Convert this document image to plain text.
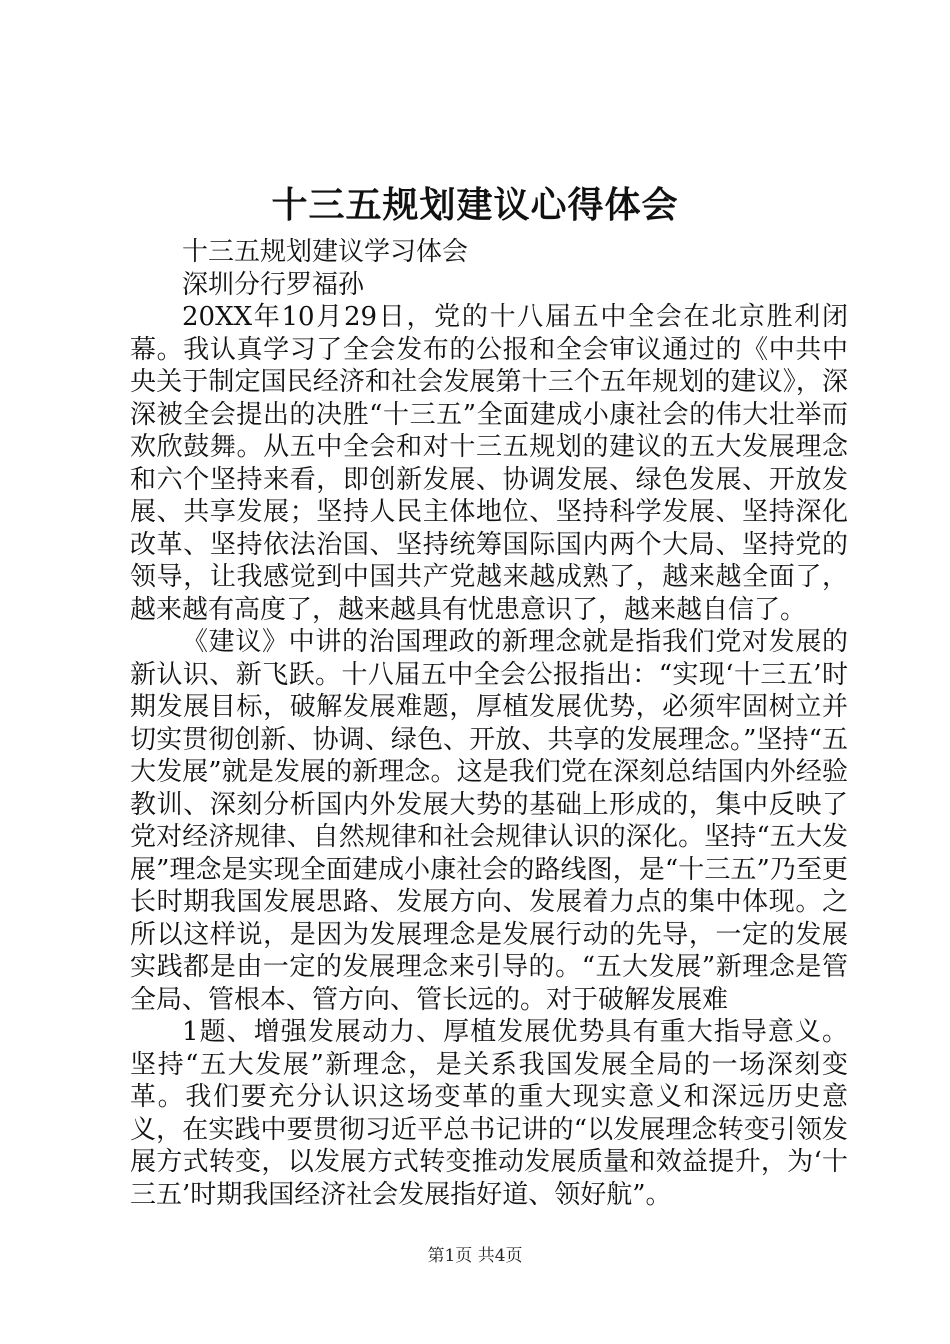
十三五规划建议心得体会

十三五规划建议学习体会

深圳分行罗福孙

20XX年10月29日，党的十八届五中全会在北京胜利闭幕。我认真学习了全会发布的公报和全会审议通过的《中共中央关于制定国民经济和社会发展第十三个五年规划的建议》，深深被全会提出的决胜“十三五”全面建成小康社会的伟大壮举而欢欣鼓舞。从五中全会和对十三五规划的建议的五大发展理念和六个坚持来看，即创新发展、协调发展、绿色发展、开放发展、共享发展；坚持人民主体地位、坚持科学发展、坚持深化改革、坚持依法治国、坚持统筹国际国内两个大局、坚持党的领导，让我感觉到中国共产党越来越成熟了，越来越全面了，越来越有高度了，越来越具有忧患意识了，越来越自信了。

《建议》中讲的治国理政的新理念就是指我们党对发展的新认识、新飞跃。十八届五中全会公报指出：“实现‘十三五’时期发展目标，破解发展难题，厚植发展优势，必须牢固树立并切实贯彻创新、协调、绿色、开放、共享的发展理念。”坚持“五大发展”就是发展的新理念。这是我们党在深刻总结国内外经验教训、深刻分析国内外发展大势的基础上形成的，集中反映了党对经济规律、自然规律和社会规律认识的深化。坚持“五大发展”理念是实现全面建成小康社会的路线图，是“十三五”乃至更长时期我国发展思路、发展方向、发展着力点的集中体现。之所以这样说，是因为发展理念是发展行动的先导，一定的发展实践都是由一定的发展理念来引导的。“五大发展”新理念是管全局、管根本、管方向、管长远的。对于破解发展难

1题、增强发展动力、厚植发展优势具有重大指导意义。坚持“五大发展”新理念，是关系我国发展全局的一场深刻变革。我们要充分认识这场变革的重大现实意义和深远历史意义，在实践中要贯彻习近平总书记讲的“以发展理念转变引领发展方式转变，以发展方式转变推动发展质量和效益提升，为‘十三五’时期我国经济社会发展指好道、领好航”。

第1页 共4页
